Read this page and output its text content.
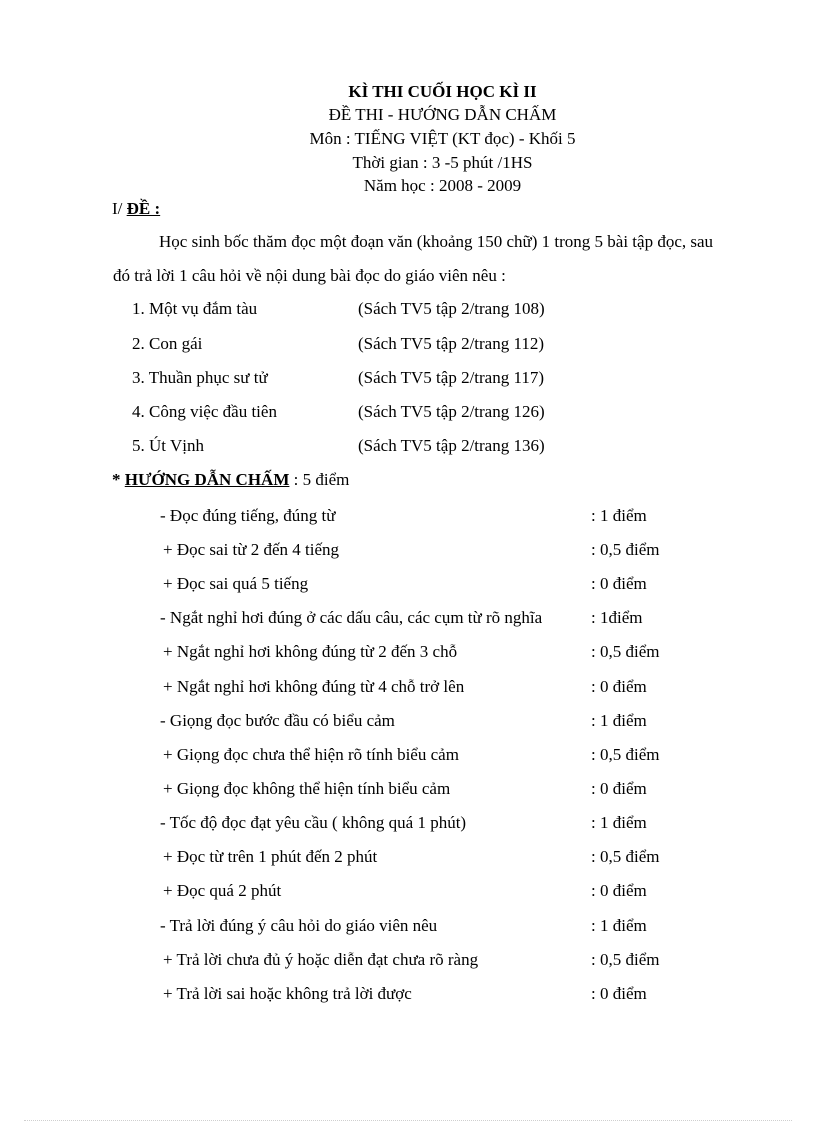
KÌ THI CUỐI HỌC KÌ II
ĐỀ THI - HƯỚNG DẪN CHẤM
Môn : TIẾNG VIỆT (KT đọc) - Khối 5
Thời gian : 3 -5 phút /1HS
Năm học : 2008 - 2009
I/ ĐỀ :
Học sinh bốc thăm đọc một đoạn văn (khoảng 150 chữ) 1 trong 5 bài tập đọc, sau
đó trả lời 1 câu hỏi về nội dung bài đọc do giáo viên nêu :
1. Một vụ đắm tàu	(Sách TV5 tập 2/trang 108)
2. Con gái	(Sách TV5 tập 2/trang 112)
3. Thuần phục sư tử	(Sách TV5 tập 2/trang 117)
4. Công việc đầu tiên	(Sách TV5 tập 2/trang 126)
5. Út Vịnh	(Sách TV5 tập 2/trang 136)
* HƯỚNG DẪN CHẤM : 5 điểm
- Đọc đúng tiếng, đúng từ	: 1 điểm
+ Đọc sai từ 2 đến 4 tiếng	: 0,5 điểm
+ Đọc sai quá 5 tiếng	: 0 điểm
- Ngắt nghỉ hơi đúng ở các dấu câu, các cụm từ rõ nghĩa	: 1điểm
+ Ngắt nghỉ hơi không đúng từ 2 đến 3 chỗ	: 0,5 điểm
+ Ngắt nghỉ hơi không đúng từ 4 chỗ trở lên	: 0 điểm
- Giọng đọc bước đầu có biểu cảm	: 1 điểm
+ Giọng đọc chưa thể hiện rõ tính biểu cảm	: 0,5 điểm
+ Giọng đọc không thể hiện tính biểu cảm	: 0 điểm
- Tốc độ đọc đạt yêu cầu ( không quá 1 phút)	: 1 điểm
+ Đọc từ trên 1 phút đến 2 phút	: 0,5 điểm
+ Đọc quá 2 phút	: 0 điểm
- Trả lời đúng ý câu hỏi do giáo viên nêu	: 1 điểm
+ Trả lời chưa đủ ý hoặc diễn đạt chưa rõ ràng	: 0,5 điểm
+ Trả lời sai hoặc không trả lời được	: 0 điểm
